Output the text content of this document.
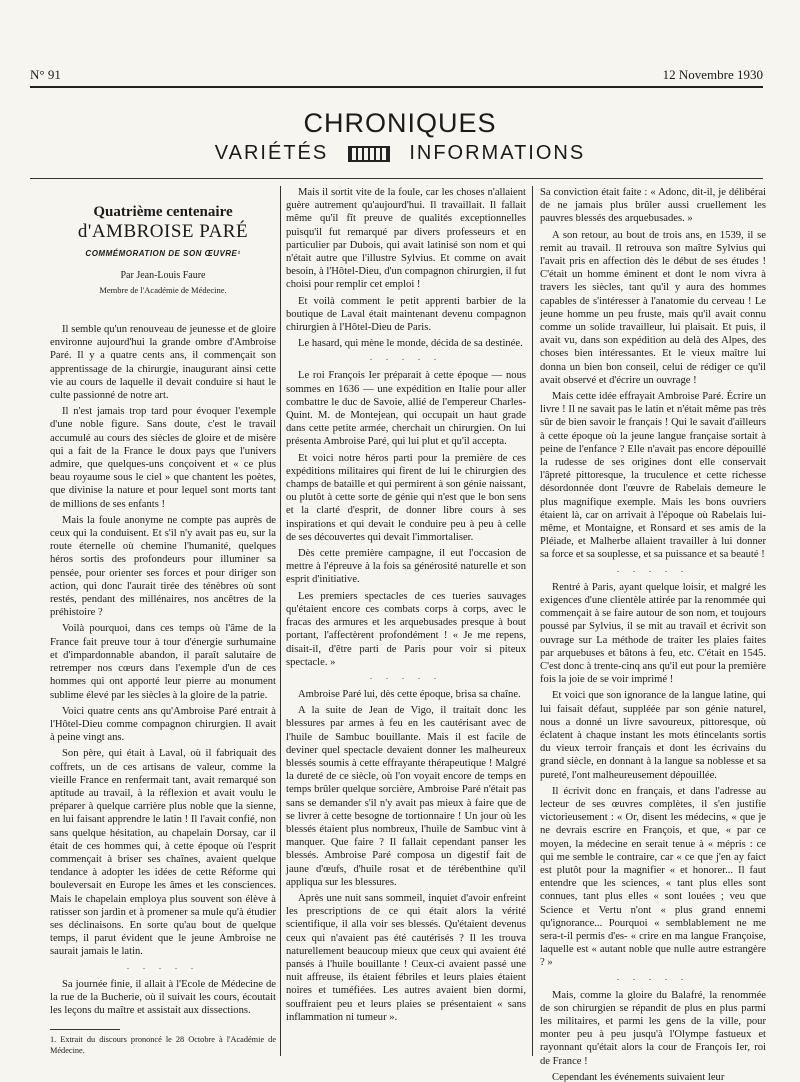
N° 91	12 Novembre 1930
CHRONIQUES
VARIÉTÉS	INFORMATIONS
Quatrième centenaire
d'AMBROISE PARÉ
COMMÉMORATION DE SON ŒUVRE¹
Par Jean-Louis Faure
Membre de l'Académie de Médecine.

Il semble qu'un renouveau de jeunesse et de gloire environne aujourd'hui la grande ombre d'Ambroise Paré. Il y a quatre cents ans, il commençait son apprentissage de la chirurgie, inaugurant ainsi cette vie au cours de laquelle il devait conduire si haut le culte passionné de notre art.

Il n'est jamais trop tard pour évoquer l'exemple d'une noble figure. Sans doute, c'est le travail accumulé au cours des siècles de gloire et de misère qui a fait de la France le doux pays que l'univers admire, que quelques-uns conçoivent et « ce plus beau royaume sous le ciel » que chantent les poètes, que divinise la nature et pour lequel sont morts tant de millions de ses enfants !

Mais la foule anonyme ne compte pas auprès de ceux qui la conduisent. Et s'il n'y avait pas eu, sur la route éternelle où chemine l'humanité, quelques héros sortis des profondeurs pour illuminer sa pensée, pour orienter ses forces et pour diriger son action, qui donc l'aurait tirée des ténèbres où sont restés, pendant des millénaires, nos ancêtres de la préhistoire ?

Voilà pourquoi, dans ces temps où l'âme de la France fait preuve tour à tour d'énergie surhumaine et d'impardonnable abandon, il paraît salutaire de retremper nos cœurs dans l'exemple d'un de ces hommes qui ont apporté leur pierre au monument sublime élevé par les siècles à la gloire de la patrie.

Voici quatre cents ans qu'Ambroise Paré entrait à l'Hôtel-Dieu comme compagnon chirurgien. Il avait à peine vingt ans.

Son père, qui était à Laval, où il fabriquait des coffrets, un de ces artisans de valeur, comme la vieille France en renfermait tant, avait remarqué son aptitude au travail, à la réflexion et avait voulu le préparer à quelque carrière plus noble que la sienne, en lui faisant apprendre le latin ! Il l'avait confié, non sans quelque hésitation, au chapelain Dorsay, car il était de ces hommes qui, à cette époque où l'esprit commençait à briser ses chaînes, avaient quelque tendance à adopter les idées de cette Réforme qui bouleversait en Europe les âmes et les consciences. Mais le chapelain employa plus souvent son élève à ratisser son jardin et à promener sa mule qu'à étudier ses déclinaisons. En sorte qu'au bout de quelque temps, il parut évident que le jeune Ambroise ne saurait jamais le latin.

. . . . .

Sa journée finie, il allait à l'Ecole de Médecine de la rue de la Bucherie, où il suivait les cours, écoutait les leçons du maître et assistait aux dissections.

1. Extrait du discours prononcé le 28 Octobre à l'Académie de Médecine.

Mais il sortit vite de la foule, car les choses n'allaient guère autrement qu'aujourd'hui. Il travaillait. Il fallait même qu'il fît preuve de qualités exceptionnelles puisqu'il fut remarqué par divers professeurs et en particulier par Dubois, qui avait latinisé son nom et qui n'était autre que l'illustre Sylvius. Et comme on avait besoin, à l'Hôtel-Dieu, d'un compagnon chirurgien, il fut choisi pour remplir cet emploi !

Et voilà comment le petit apprenti barbier de la boutique de Laval était maintenant devenu compagnon chirurgien à l'Hôtel-Dieu de Paris.

Le hasard, qui mène le monde, décida de sa destinée.

. . . . .

Le roi François Ier préparait à cette époque — nous sommes en 1636 — une expédition en Italie pour aller combattre le duc de Savoie, allié de l'empereur Charles-Quint. M. de Montejean, qui occupait un haut grade dans cette petite armée, cherchait un chirurgien. On lui présenta Ambroise Paré, qui lui plut et qu'il accepta.

Et voici notre héros parti pour la première de ces expéditions militaires qui firent de lui le chirurgien des champs de bataille et qui permirent à son génie naissant, ou plutôt à cette sorte de génie qui n'est que le bon sens et la clarté d'esprit, de donner libre cours à ses inspirations et qui devait le conduire peu à peu à celle de ses découvertes qui devait l'immortaliser.

Dès cette première campagne, il eut l'occasion de mettre à l'épreuve à la fois sa générosité naturelle et son esprit d'initiative.

Les premiers spectacles de ces tueries sauvages qu'étaient encore ces combats corps à corps, avec le fracas des armures et les arquebusades presque à bout portant, l'affectèrent profondément ! « Je me repens, disait-il, d'être parti de Paris pour voir si piteux spectacle. »

. . . . .

Ambroise Paré lui, dès cette époque, brisa sa chaîne.

A la suite de Jean de Vigo, il traitait donc les blessures par armes à feu en les cautérisant avec de l'huile de Sambuc bouillante. Mais il est facile de deviner quel spectacle devaient donner les malheureux blessés soumis à cette effrayante thérapeutique ! Malgré la dureté de ce siècle, où l'on voyait encore de temps en temps brûler quelque sorcière, Ambroise Paré n'était pas sans se demander s'il n'y avait pas mieux à faire que de se livrer à cette besogne de tortionnaire ! Un jour où les blessés étaient plus nombreux, l'huile de Sambuc vint à manquer. Que faire ? Il fallait cependant panser les blessés. Ambroise Paré composa un digestif fait de jaune d'œufs, d'huile rosat et de térébenthine qu'il appliqua sur les blessures.

Après une nuit sans sommeil, inquiet d'avoir enfreint les prescriptions de ce qui était alors la vérité scientifique, il alla voir ses blessés. Qu'étaient devenus ceux qui n'avaient pas été cautérisés ? Il les trouva naturellement beaucoup mieux que ceux qui avaient été pansés à l'huile bouillante ! Ceux-ci avaient passé une nuit affreuse, ils étaient fébriles et leurs plaies étaient noires et tuméfiées. Les autres avaient bien dormi, souffraient peu et leurs plaies se présentaient « sans inflammation ni tumeur ».

Sa conviction était faite : « Adonc, dit-il, je délibérai de ne jamais plus brûler aussi cruellement les pauvres blessés des arquebusades. »

A son retour, au bout de trois ans, en 1539, il se remit au travail. Il retrouva son maître Sylvius qui l'avait pris en affection dès le début de ses études ! C'était un homme éminent et dont le nom vivra à travers les siècles, tant qu'il y aura des hommes capables de s'intéresser à l'anatomie du cerveau ! Le jeune homme un peu fruste, mais qu'il avait connu comme un solide travailleur, lui plaisait. Et puis, il avait vu, dans son expédition au delà des Alpes, des choses bien intéressantes. Et le vieux maître lui donna un bien bon conseil, celui de rédiger ce qu'il avait observé et d'écrire un ouvrage !

Mais cette idée effrayait Ambroise Paré. Écrire un livre ! Il ne savait pas le latin et n'était même pas très sûr de bien savoir le français ! Qui le savait d'ailleurs à cette époque où la jeune langue française sortait à peine de l'enfance ? Elle n'avait pas encore dépouillé la rudesse de ses origines dont elle conservait l'âpreté pittoresque, la truculence et cette richesse désordonnée dont l'œuvre de Rabelais demeure le plus magnifique exemple. Mais les bons ouvriers étaient là, car on arrivait à l'époque où Rabelais lui-même, et Montaigne, et Ronsard et ses amis de la Pléiade, et Malherbe allaient travailler à lui donner sa force et sa souplesse, et sa puissance et sa beauté !

. . . . .

Rentré à Paris, ayant quelque loisir, et malgré les exigences d'une clientèle attirée par la renommée qui commençait à se faire autour de son nom, et toujours poussé par Sylvius, il se mit au travail et écrivit son ouvrage sur La méthode de traiter les plaies faites par arquebuses et bâtons à feu, etc. C'était en 1545. C'est donc à trente-cinq ans qu'il eut pour la première fois la joie de se voir imprimé !

Et voici que son ignorance de la langue latine, qui lui faisait défaut, suppléée par son génie naturel, nous a donné un livre savoureux, pittoresque, où éclatent à chaque instant les mots étincelants sortis du vieux terroir français et dont les écrivains du grand siècle, en donnant à la langue sa noblesse et sa pureté, l'ont malheureusement dépouillée.

Il écrivit donc en français, et dans l'adresse au lecteur de ses œuvres complètes, il s'en justifie victorieusement : « Or, disent les médecins, « que je ne devrais escrire en François, et que, « par ce moyen, la médecine en serait tenue à « mépris : ce qui me semble le contraire, car « ce que j'en ay faict est plutôt pour la magnifier « et honorer... Il faut entendre que les sciences, « tant plus elles sont connues, tant plus elles « sont louées ; veu que Science et Vertu n'ont « plus grand ennemi qu'ignorance... Pourquoi « semblablement ne me sera-t-il permis d'es- « crire en ma langue Françoise, laquelle est « autant noble que nulle autre estrangère ? »

. . . . .

Mais, comme la gloire du Balafré, la renommée de son chirurgien se répandit de plus en plus parmi les militaires, et parmi les gens de la ville, pour monter peu à peu jusqu'à l'Olympe fastueux et rayonnant qu'était alors la cour de François Ier, roi de France !

Cependant les événements suivaient leur
